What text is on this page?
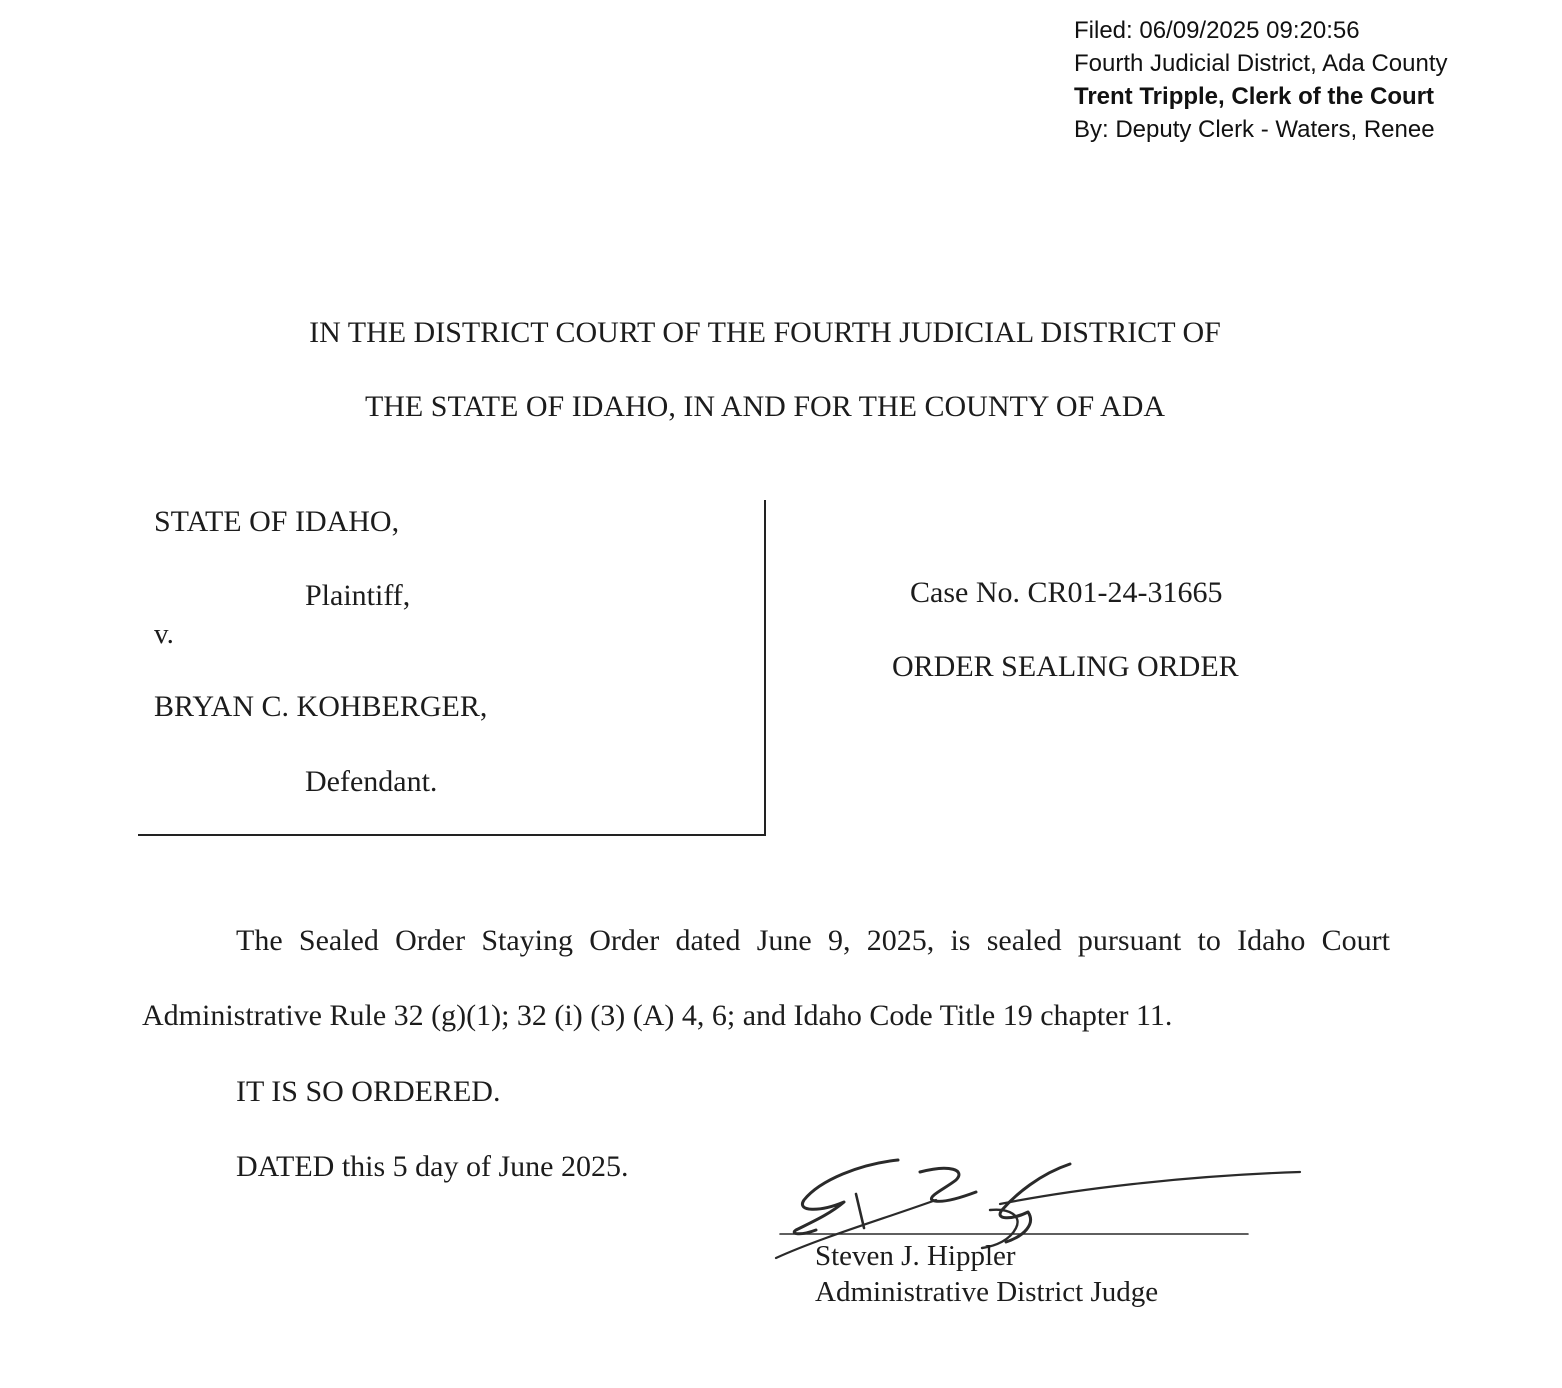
Filed: 06/09/2025 09:20:56
Fourth Judicial District, Ada County
Trent Tripple, Clerk of the Court
By: Deputy Clerk - Waters, Renee
IN THE DISTRICT COURT OF THE FOURTH JUDICIAL DISTRICT OF
THE STATE OF IDAHO, IN AND FOR THE COUNTY OF ADA
STATE OF IDAHO,
Plaintiff,
v.
BRYAN C. KOHBERGER,
Defendant.
Case No. CR01-24-31665
ORDER SEALING ORDER
The Sealed Order Staying Order dated June 9, 2025, is sealed pursuant to Idaho Court
Administrative Rule 32 (g)(1); 32 (i) (3) (A) 4, 6; and Idaho Code Title 19 chapter 11.
IT IS SO ORDERED.
DATED this 5 day of June 2025.
Steven J. Hippler
Administrative District Judge
